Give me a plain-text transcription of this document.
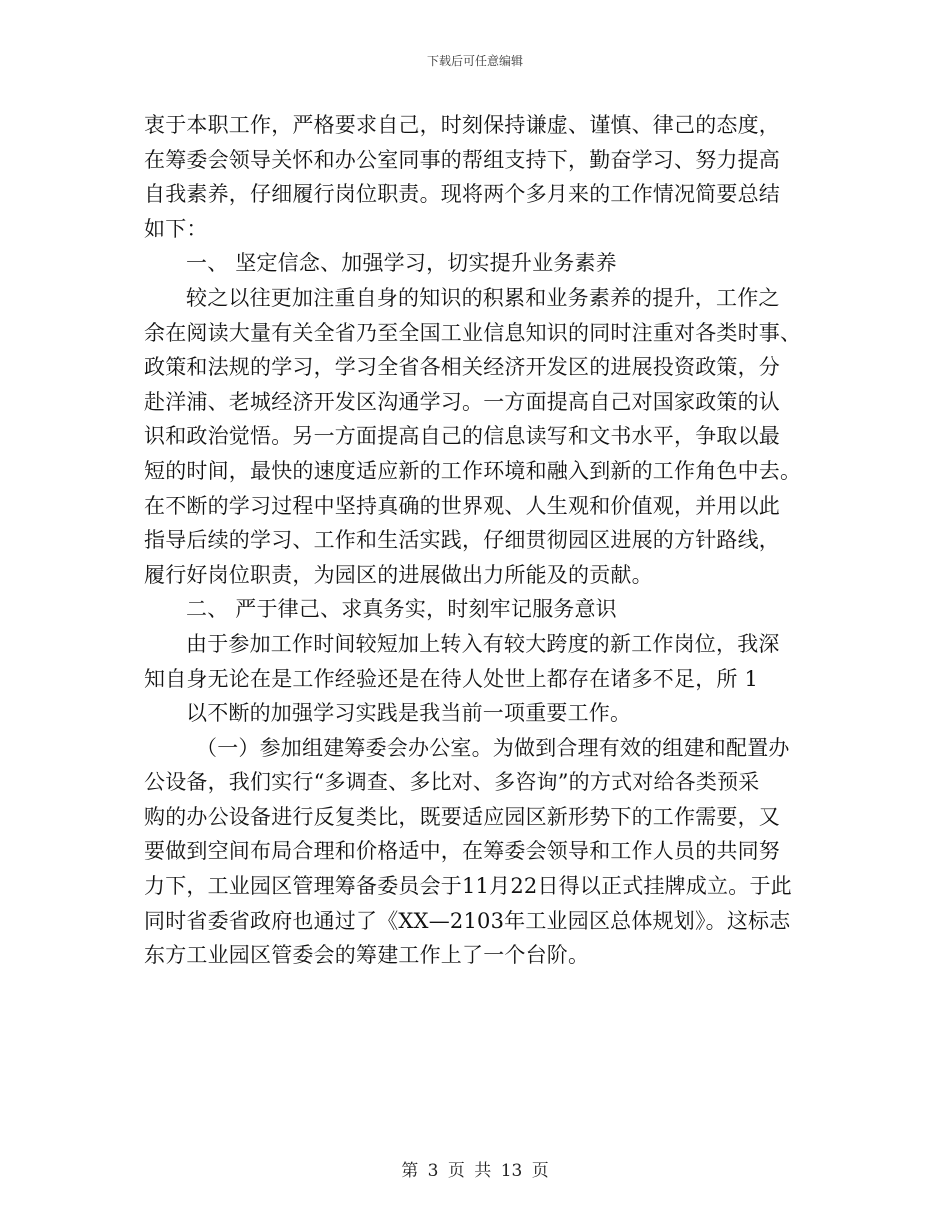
下载后可任意编辑
衷于本职工作，严格要求自己，时刻保持谦虚、谨慎、律己的态度，
在筹委会领导关怀和办公室同事的帮组支持下，勤奋学习、努力提高
自我素养，仔细履行岗位职责。现将两个多月来的工作情况简要总结
如下：
一、 坚定信念、加强学习，切实提升业务素养
较之以往更加注重自身的知识的积累和业务素养的提升，工作之
余在阅读大量有关全省乃至全国工业信息知识的同时注重对各类时事、
政策和法规的学习，学习全省各相关经济开发区的进展投资政策，分
赴洋浦、老城经济开发区沟通学习。一方面提高自己对国家政策的认
识和政治觉悟。另一方面提高自己的信息读写和文书水平，争取以最
短的时间，最快的速度适应新的工作环境和融入到新的工作角色中去。
在不断的学习过程中坚持真确的世界观、人生观和价值观，并用以此
指导后续的学习、工作和生活实践，仔细贯彻园区进展的方针路线，
履行好岗位职责，为园区的进展做出力所能及的贡献。
二、 严于律己、求真务实，时刻牢记服务意识
由于参加工作时间较短加上转入有较大跨度的新工作岗位，我深
知自身无论在是工作经验还是在待人处世上都存在诸多不足，所 1
以不断的加强学习实践是我当前一项重要工作。
（一）参加组建筹委会办公室。为做到合理有效的组建和配置办
公设备，我们实行“多调查、多比对、多咨询”的方式对给各类预采
购的办公设备进行反复类比，既要适应园区新形势下的工作需要，又
要做到空间布局合理和价格适中，在筹委会领导和工作人员的共同努
力下，工业园区管理筹备委员会于11月22日得以正式挂牌成立。于此
同时省委省政府也通过了《XX—2103年工业园区总体规划》。这标志
东方工业园区管委会的筹建工作上了一个台阶。
第 3 页 共 13 页
